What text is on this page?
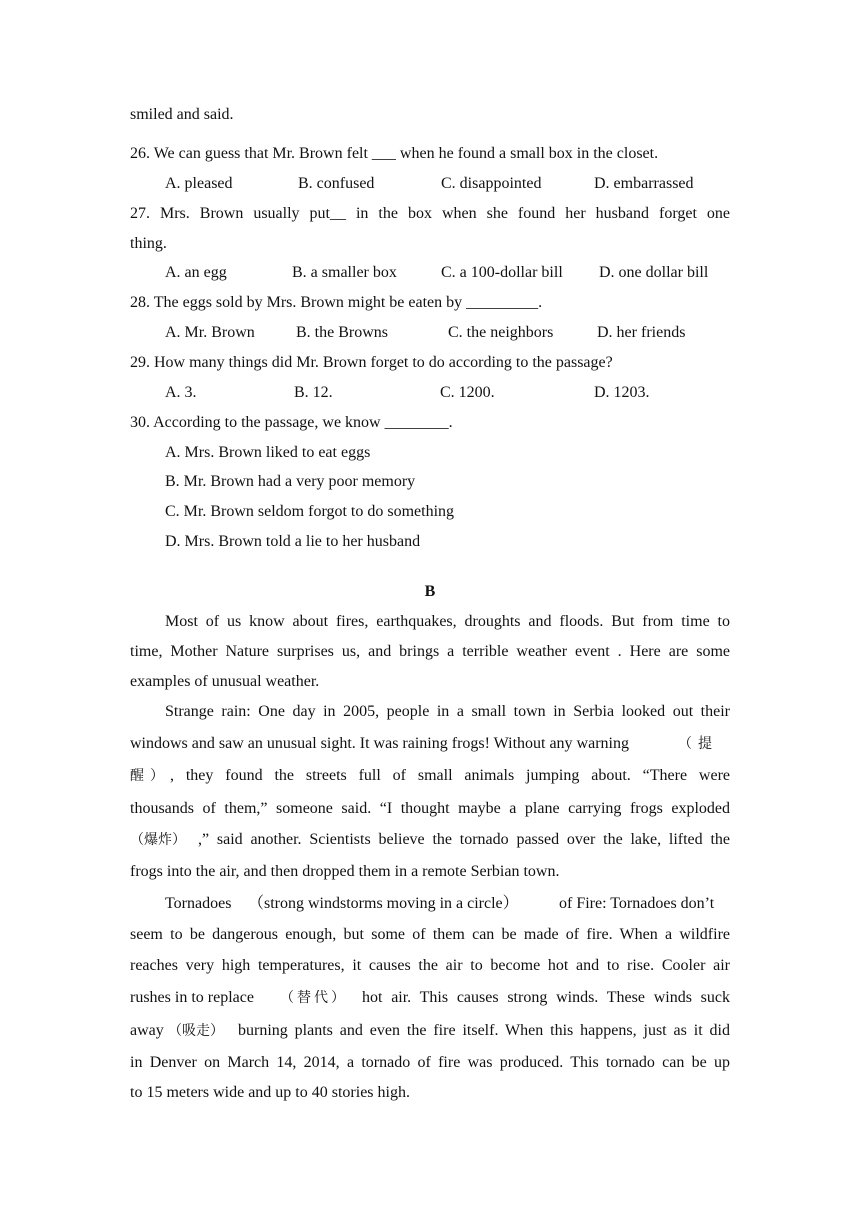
smiled and said.
26. We can guess that Mr. Brown felt ___ when he found a small box in the closet.
A. pleased	B. confused	C. disappointed	D. embarrassed
27. Mrs. Brown usually put__ in the box when she found her husband forget one
thing.
A. an egg	B. a smaller box	C. a 100-dollar bill D. one dollar bill
28. The eggs sold by Mrs. Brown might be eaten by _________.
A. Mr. Brown	B. the Browns	C. the neighbors	D. her friends
29. How many things did Mr. Brown forget to do according to the passage?
A. 3.	B. 12.	C. 1200.	D. 1203.
30. According to the passage, we know ________.
A. Mrs. Brown liked to eat eggs
B. Mr. Brown had a very poor memory
C. Mr. Brown seldom forgot to do something
D. Mrs. Brown told a lie to her husband
B
Most of us know about fires, earthquakes, droughts and floods. But from time to
time, Mother Nature surprises us, and brings a terrible weather event . Here are some
examples of unusual weather.
Strange rain: One day in 2005, people in a small town in Serbia looked out their
windows and saw an unusual sight. It was raining frogs! Without any warning	（提
醒） , they found the streets full of small animals jumping about. “There were
thousands of them,” someone said. “I thought maybe a plane carrying frogs exploded
（爆炸） ,” said another. Scientists believe the tornado passed over the lake, lifted the
frogs into the air, and then dropped them in a remote Serbian town.
Tornadoes （strong windstorms moving in a circle）	of Fire: Tornadoes don’t
seem to be dangerous enough, but some of them can be made of fire. When a wildfire
reaches very high temperatures, it causes the air to become hot and to rise. Cooler air
rushes in to replace （替代） hot air. This causes strong winds. These winds suck
away （吸走） burning plants and even the fire itself. When this happens, just as it did
in Denver on March 14, 2014, a tornado of fire was produced. This tornado can be up
to 15 meters wide and up to 40 stories high.
